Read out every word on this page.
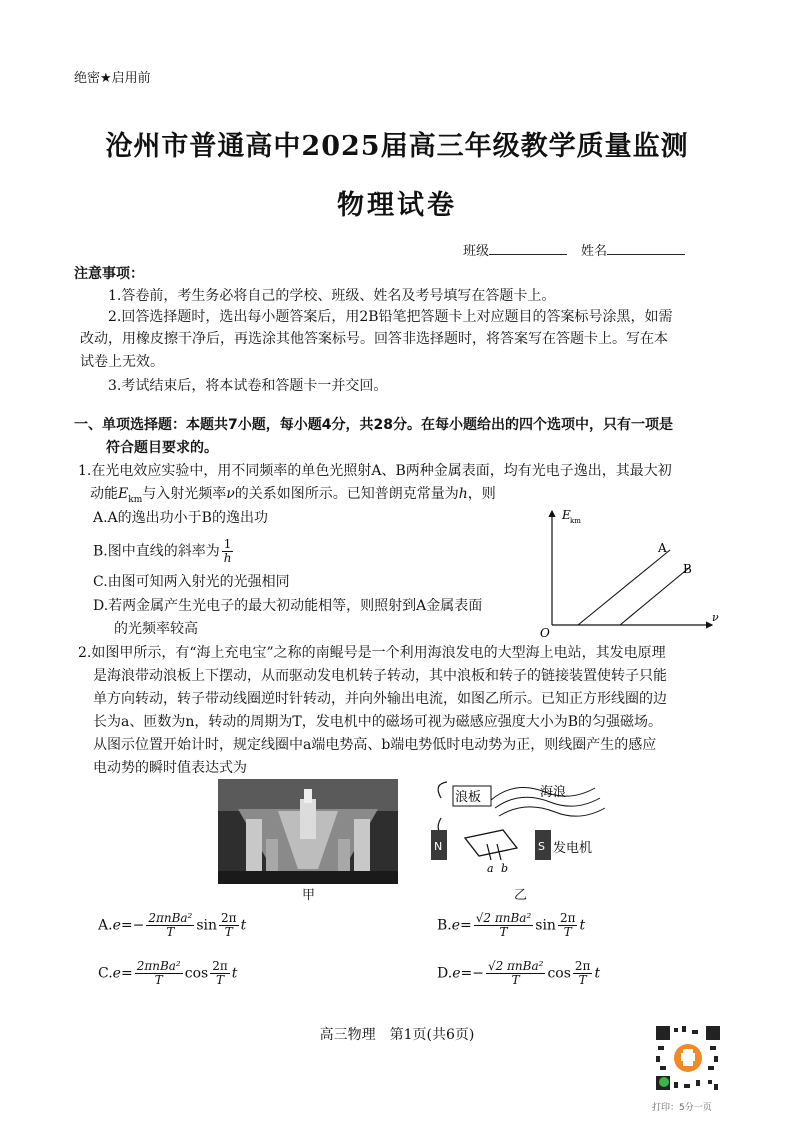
绝密★启用前
沧州市普通高中2025届高三年级教学质量监测
物理试卷
班级	姓名
注意事项：
1.答卷前，考生务必将自己的学校、班级、姓名及考号填写在答题卡上。
2.回答选择题时，选出每小题答案后，用2B铅笔把答题卡上对应题目的答案标号涂黑，如需
改动，用橡皮擦干净后，再选涂其他答案标号。回答非选择题时，将答案写在答题卡上。写在本
试卷上无效。
3.考试结束后，将本试卷和答题卡一并交回。
一、单项选择题：本题共7小题，每小题4分，共28分。在每小题给出的四个选项中，只有一项是
符合题目要求的。
1.在光电效应实验中，用不同频率的单色光照射A、B两种金属表面，均有光电子逸出，其最大初
动能$E_{km}$与入射光频率ν的关系如图所示。已知普朗克常量为h，则
A.A的逸出功小于B的逸出功
B.图中直线的斜率为 $\frac{1}{h}$
C.由图可知两入射光的光强相同
D.若两金属产生光电子的最大初动能相等，则照射到A金属表面
的光频率较高
E km
ν
O
A
B
2.如图甲所示，有“海上充电宝”之称的南鲲号是一个利用海浪发电的大型海上电站，其发电原理
是海浪带动浪板上下摆动，从而驱动发电机转子转动，其中浪板和转子的链接装置使转子只能
单方向转动，转子带动线圈逆时针转动，并向外输出电流，如图乙所示。已知正方形线圈的边
长为a、匝数为n，转动的周期为T，发电机中的磁场可视为磁感应强度大小为B的匀强磁场。
从图示位置开始计时，规定线圈中a端电势高、b端电势低时电动势为正，则线圈产生的感应
电动势的瞬时值表达式为
甲
浪板	海浪
N	S 发电机
a b
乙
$A.e=- \frac{\text{2πnBa²}}{T}$ $\sin \frac{2\pi}{T}$ t	$B.e= \frac{\text{√2 πnBa²}}{T}$ $\sin \frac{2\pi}{T}$ t
$C.e= \frac{\text{2πnBa²}}{T}$ $\cos \frac{2\pi}{T}$ t	$D.e=- \frac{\text{√2 πnBa²}}{T}$ $\cos \frac{2\pi}{T}$ t
高三物理　第1页(共6页)
打印：5分一页
